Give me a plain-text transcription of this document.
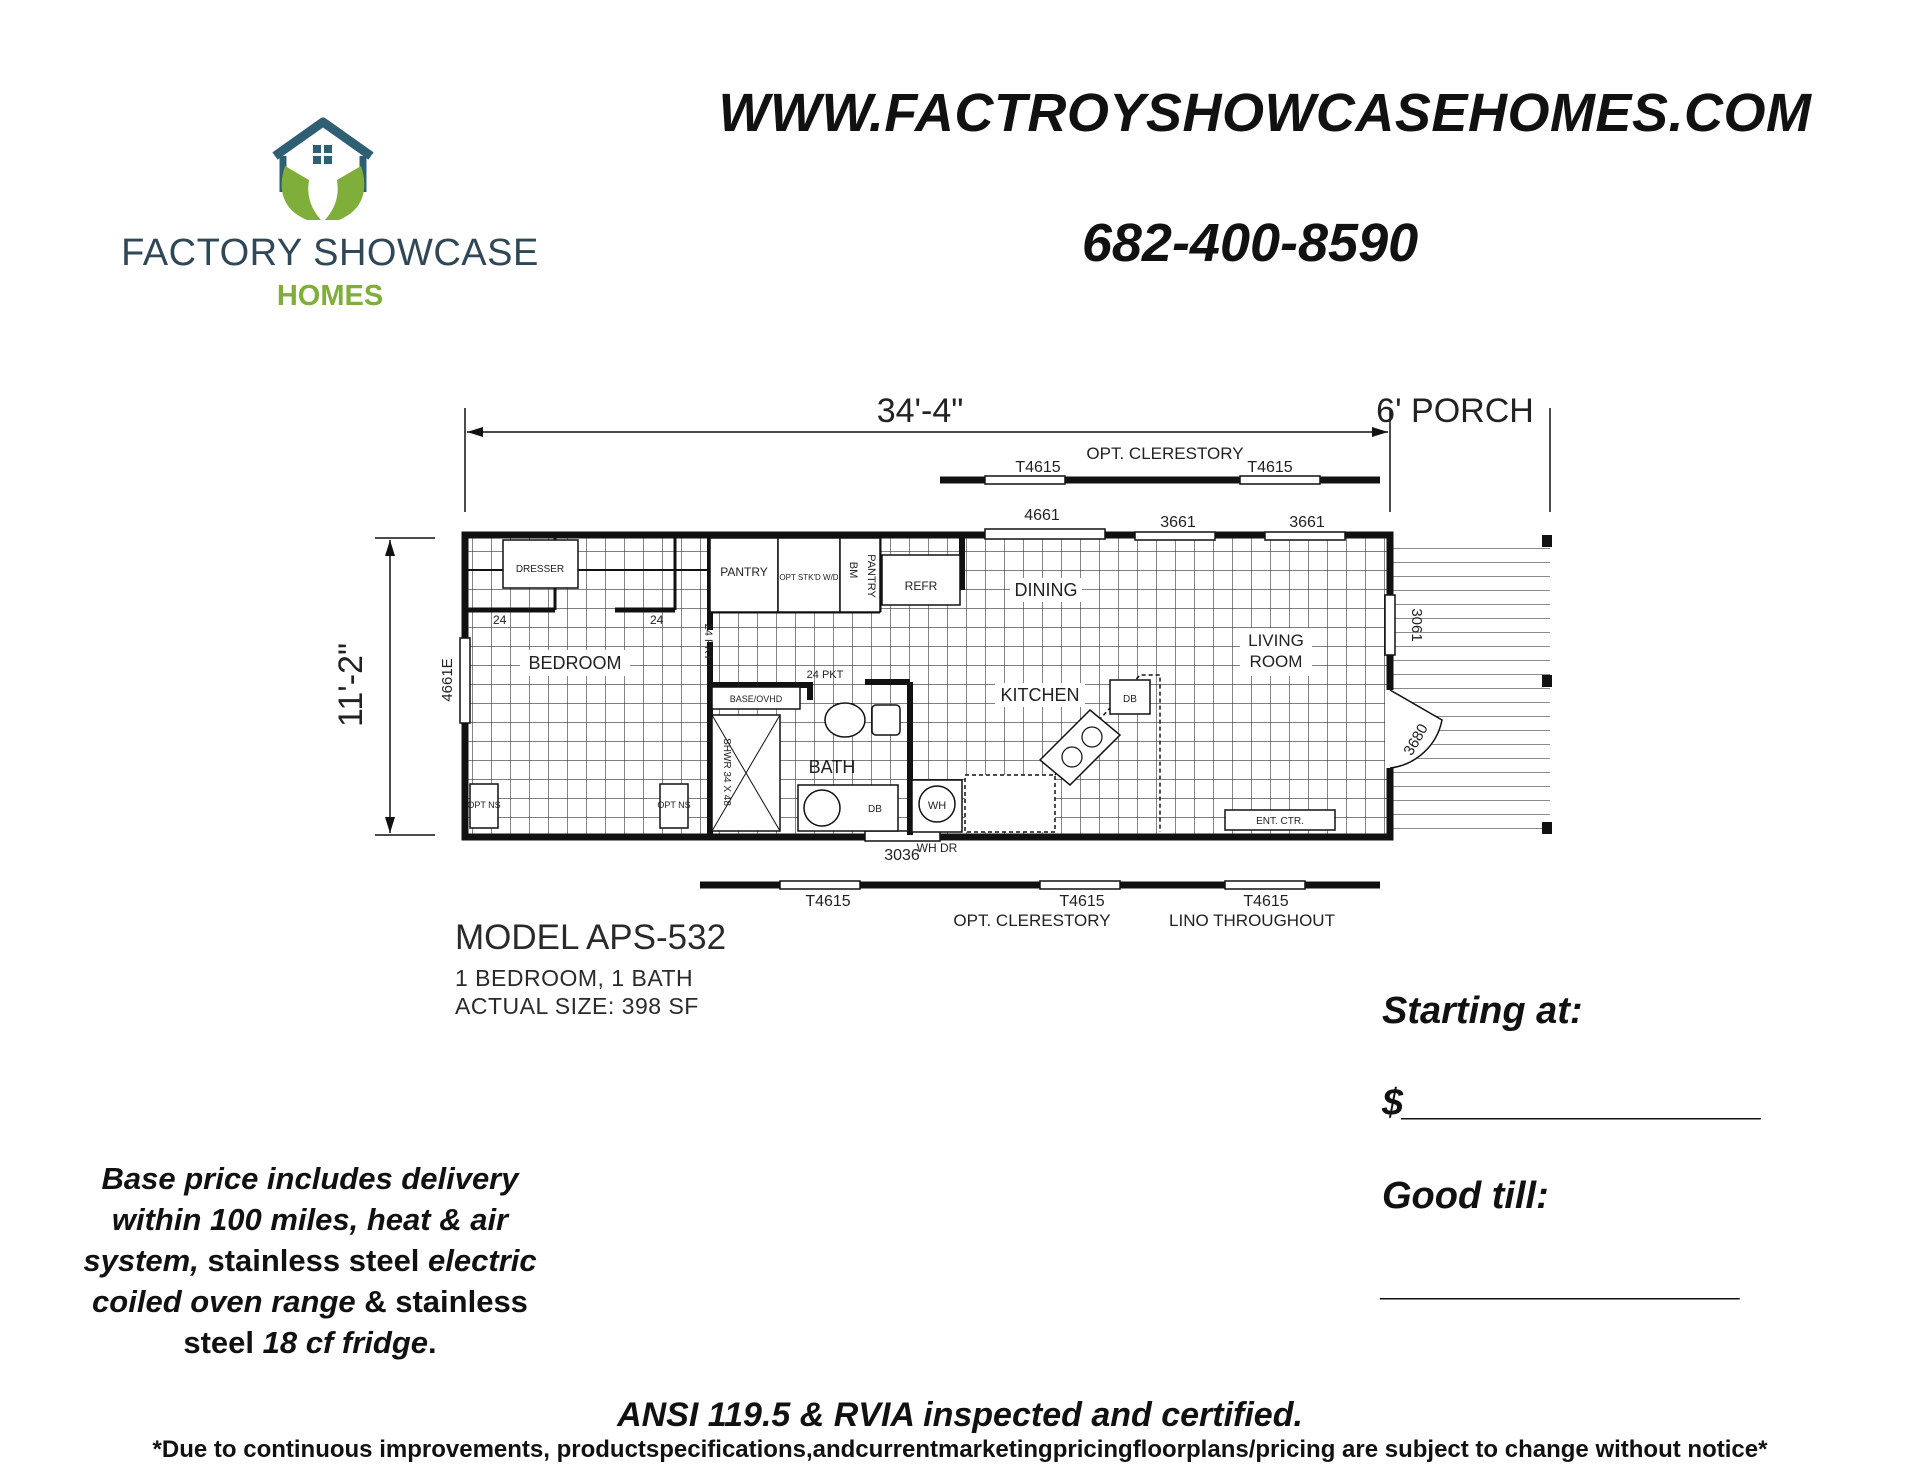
WWW.FACTROYSHOWCASEHOMES.COM
682-400-8590
FACTORY SHOWCASE
HOMES
34'-4"	6' PORCH
11'-2"
OPT. CLERESTORY
T4615	T4615
4661	3661	3661
4661E
3061
3680
3036
DRESSER
24	24
PANTRY OPT STK'D W/D BM PANTRY REFR
24 PKT
24 PKT
BASE/OVHD
SHWR 34 X 48
DB
BATH
WH
WH DR
DB
ENT. CTR.
OPT NS	OPT NS
BEDROOM
DINING
KITCHEN
LIVING
ROOM
T4615	T4615	T4615
OPT. CLERESTORY	LINO THROUGHOUT
MODEL APS-532
1 BEDROOM, 1 BATH
ACTUAL SIZE: 398 SF	Starting at:
$_________________
Good till:
_________________
Base price includes delivery
within 100 miles, heat & air
system, stainless steel electric
coiled oven range & stainless
steel 18 cf fridge.
ANSI 119.5 & RVIA inspected and certified.
*Due to continuous improvements, productspecifications,andcurrentmarketingpricingfloorplans/pricing are subject to change without notice*
